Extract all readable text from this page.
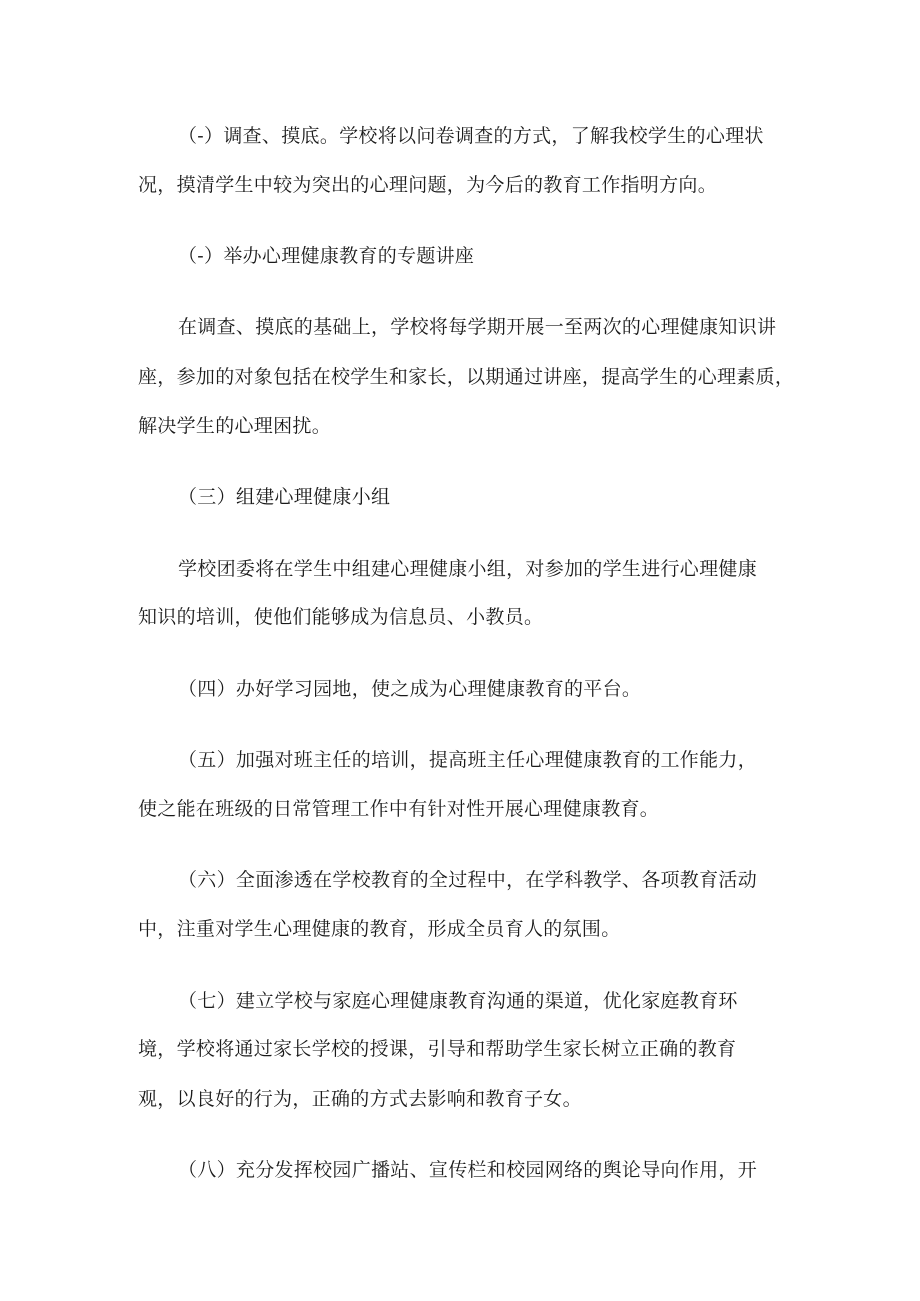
（-）调查、摸底。学校将以问卷调查的方式，了解我校学生的心理状
况，摸清学生中较为突出的心理问题，为今后的教育工作指明方向。
（-）举办心理健康教育的专题讲座
在调查、摸底的基础上，学校将每学期开展一至两次的心理健康知识讲
座，参加的对象包括在校学生和家长，以期通过讲座，提高学生的心理素质，
解决学生的心理困扰。
（三）组建心理健康小组
学校团委将在学生中组建心理健康小组，对参加的学生进行心理健康
知识的培训，使他们能够成为信息员、小教员。
（四）办好学习园地，使之成为心理健康教育的平台。
（五）加强对班主任的培训，提高班主任心理健康教育的工作能力，
使之能在班级的日常管理工作中有针对性开展心理健康教育。
（六）全面渗透在学校教育的全过程中，在学科教学、各项教育活动
中，注重对学生心理健康的教育，形成全员育人的氛围。
（七）建立学校与家庭心理健康教育沟通的渠道，优化家庭教育环
境，学校将通过家长学校的授课，引导和帮助学生家长树立正确的教育
观，以良好的行为，正确的方式去影响和教育子女。
（八）充分发挥校园广播站、宣传栏和校园网络的舆论导向作用，开
